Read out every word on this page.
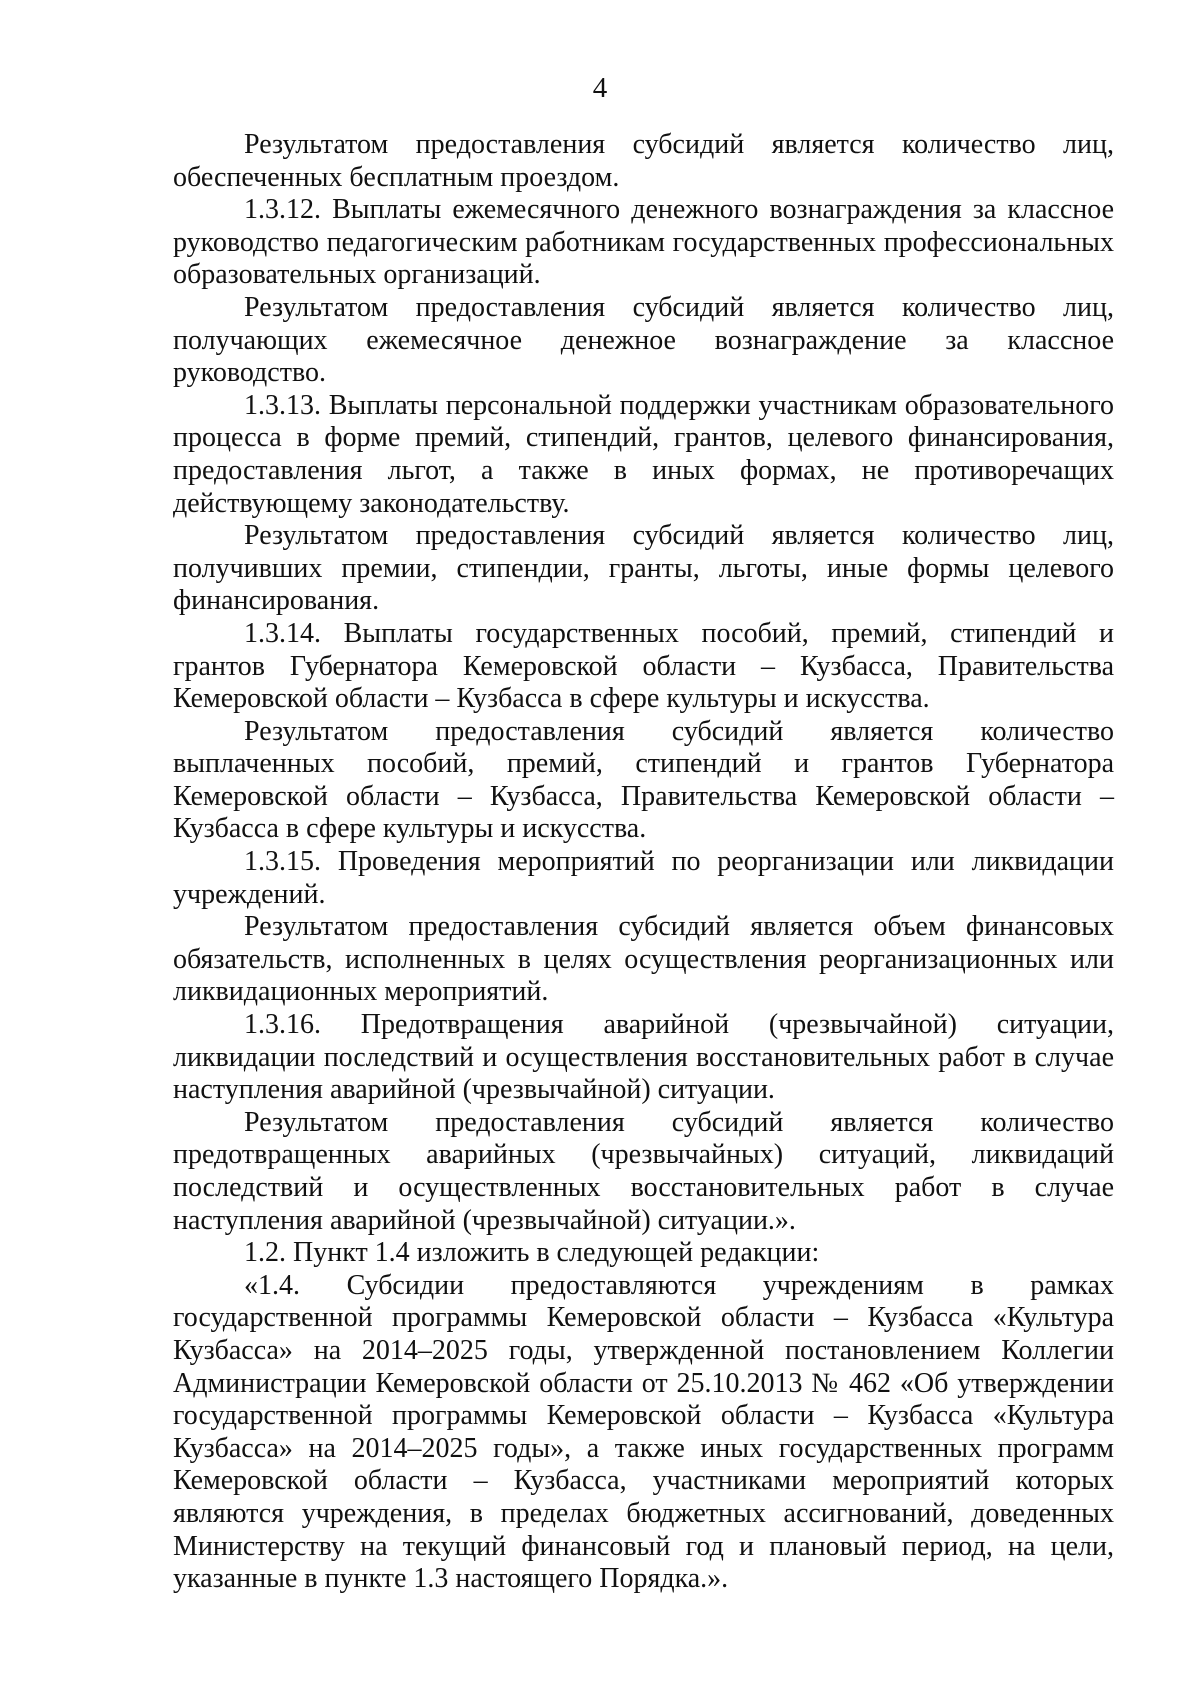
4

Результатом предоставления субсидий является количество лиц, обеспеченных бесплатным проездом.

1.3.12. Выплаты ежемесячного денежного вознаграждения за классное руководство педагогическим работникам государственных профессиональных образовательных организаций.

Результатом предоставления субсидий является количество лиц, получающих ежемесячное денежное вознаграждение за классное руководство.

1.3.13. Выплаты персональной поддержки участникам образовательного процесса в форме премий, стипендий, грантов, целевого финансирования, предоставления льгот, а также в иных формах, не противоречащих действующему законодательству.

Результатом предоставления субсидий является количество лиц, получивших премии, стипендии, гранты, льготы, иные формы целевого финансирования.

1.3.14. Выплаты государственных пособий, премий, стипендий и грантов Губернатора Кемеровской области – Кузбасса, Правительства Кемеровской области – Кузбасса в сфере культуры и искусства.

Результатом предоставления субсидий является количество выплаченных пособий, премий, стипендий и грантов Губернатора Кемеровской области – Кузбасса, Правительства Кемеровской области – Кузбасса в сфере культуры и искусства.

1.3.15. Проведения мероприятий по реорганизации или ликвидации учреждений.

Результатом предоставления субсидий является объем финансовых обязательств, исполненных в целях осуществления реорганизационных или ликвидационных мероприятий.

1.3.16. Предотвращения аварийной (чрезвычайной) ситуации, ликвидации последствий и осуществления восстановительных работ в случае наступления аварийной (чрезвычайной) ситуации.

Результатом предоставления субсидий является количество предотвращенных аварийных (чрезвычайных) ситуаций, ликвидаций последствий и осуществленных восстановительных работ в случае наступления аварийной (чрезвычайной) ситуации.».

1.2. Пункт 1.4 изложить в следующей редакции:

«1.4. Субсидии предоставляются учреждениям в рамках государственной программы Кемеровской области – Кузбасса «Культура Кузбасса» на 2014–2025 годы, утвержденной постановлением Коллегии Администрации Кемеровской области от 25.10.2013 № 462 «Об утверждении государственной программы Кемеровской области – Кузбасса «Культура Кузбасса» на 2014–2025 годы», а также иных государственных программ Кемеровской области – Кузбасса, участниками мероприятий которых являются учреждения, в пределах бюджетных ассигнований, доведенных Министерству на текущий финансовый год и плановый период, на цели, указанные в пункте 1.3 настоящего Порядка.».
